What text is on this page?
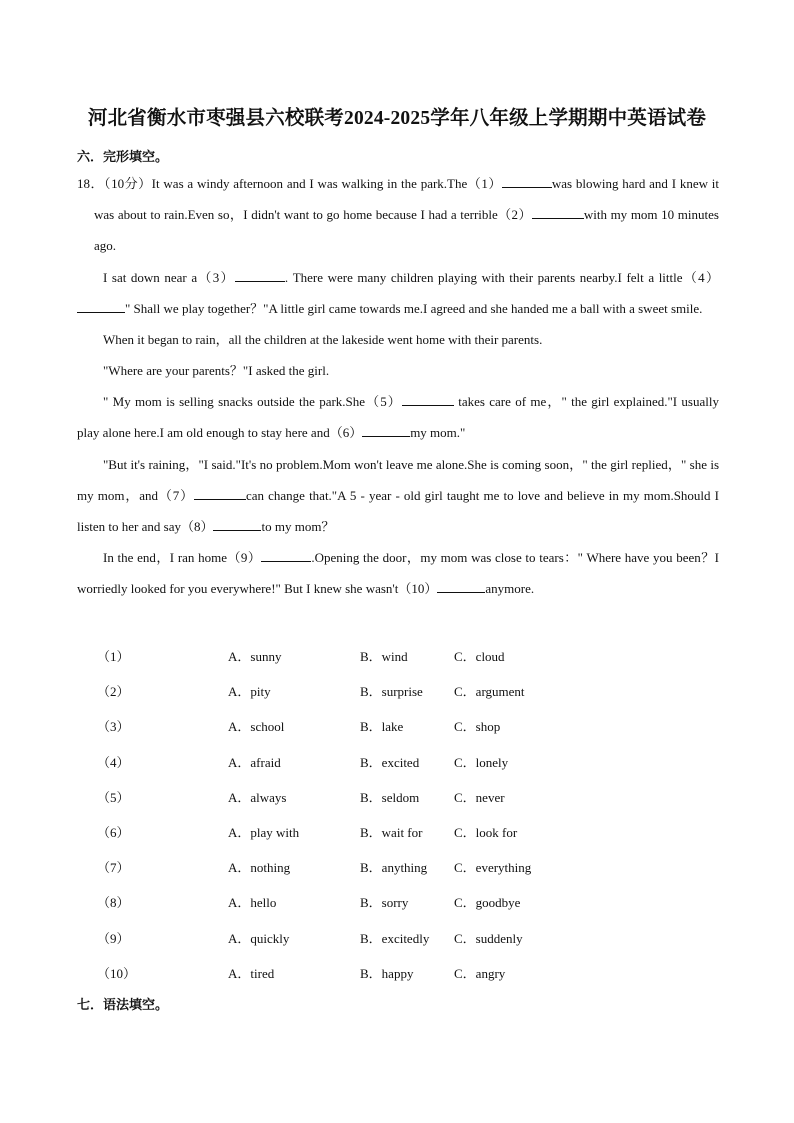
河北省衡水市枣强县六校联考2024-2025学年八年级上学期期中英语试卷
六．完形填空。
18．（10分）It was a windy afternoon and I was walking in the park.The（1）	was blowing hard and I knew it was about to rain.Even so，I didn't want to go home because I had a terrible（2）	with my mom 10 minutes ago.
I sat down near a（3）	. There were many children playing with their parents nearby.I felt a little（4）" Shall we play together？"A little girl came towards me.I agreed and she handed me a ball with a sweet smile.
When it began to rain，all the children at the lakeside went home with their parents.
"Where are your parents？"I asked the girl.
" My mom is selling snacks outside the park.She（5）	takes care of me，" the girl explained."I usually play alone here.I am old enough to stay here and（6）	my mom."
"But it's raining，"I said."It's no problem.Mom won't leave me alone.She is coming soon，" the girl replied，" she is my mom，and（7）	can change that."A 5 - year - old girl taught me to love and believe in my mom.Should I listen to her and say（8）	to my mom？
In the end，I ran home（9）	.Opening the door，my mom was close to tears：" Where have you been？I worriedly looked for you everywhere!" But I knew she wasn't（10）	anymore.
（1）	A．sunny	B．wind	C．cloud
（2）	A．pity	B．surprise C．argument
（3）	A．school	B．lake	C．shop
（4）	A．afraid	B．excited	C．lonely
（5）	A．always	B．seldom	C．never
（6）	A．play with	B．wait for C．look for
（7）	A．nothing	B．anything C．everything
（8）	A．hello	B．sorry	C．goodbye
（9）	A．quickly	B．excitedly C．suddenly
（10）	A．tired	B．happy	C．angry
七．语法填空。
